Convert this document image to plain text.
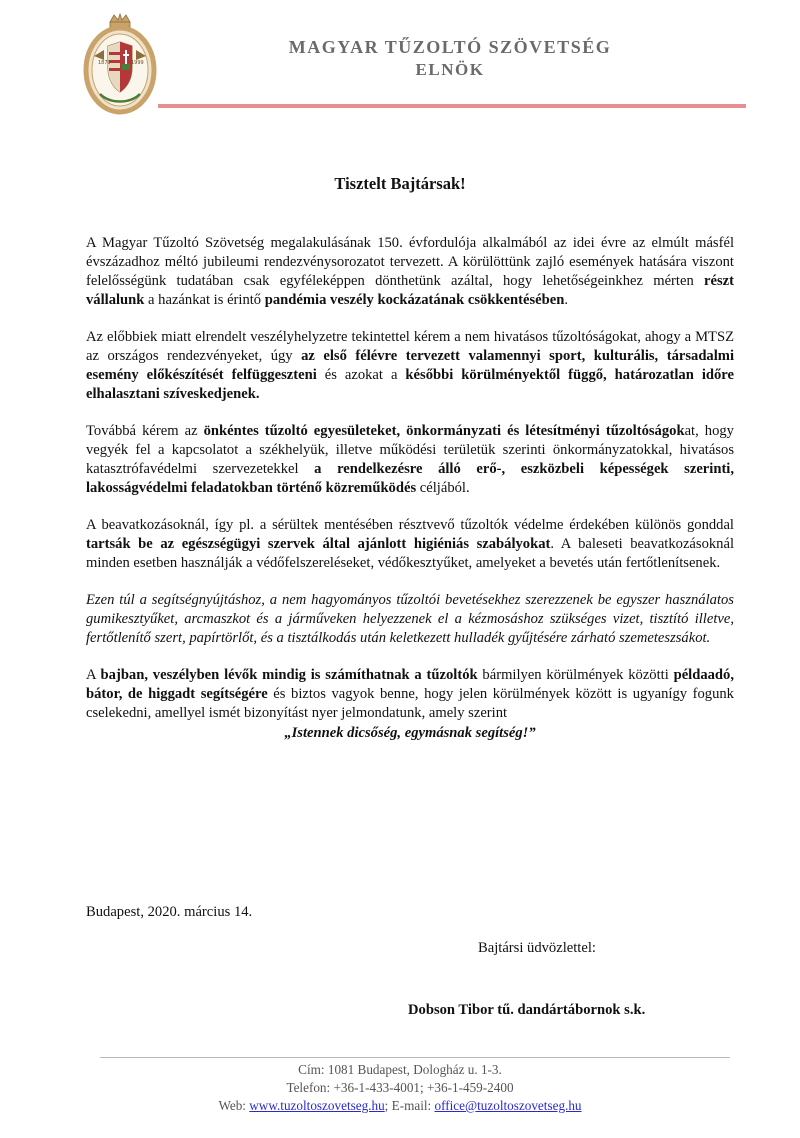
1870	1999
MAGYAR TŰZOLTÓ SZÖVETSÉG
ELNÖK
Tisztelt Bajtársak!

A Magyar Tűzoltó Szövetség megalakulásának 150. évfordulója alkalmából az idei évre az elmúlt másfél évszázadhoz méltó jubileumi rendezvénysorozatot tervezett. A körülöttünk zajló események hatására viszont felelősségünk tudatában csak egyféleképpen dönthetünk azáltal, hogy lehetőségeinkhez mérten részt vállalunk a hazánkat is érintő pandémia veszély kockázatának csökkentésében.

Az előbbiek miatt elrendelt veszélyhelyzetre tekintettel kérem a nem hivatásos tűzoltóságokat, ahogy a MTSZ az országos rendezvényeket, úgy az első félévre tervezett valamennyi sport, kulturális, társadalmi esemény előkészítését felfüggeszteni és azokat a későbbi körülményektől függő, határozatlan időre elhalasztani szíveskedjenek.

Továbbá kérem az önkéntes tűzoltó egyesületeket, önkormányzati és létesítményi tűzoltóságokat, hogy vegyék fel a kapcsolatot a székhelyük, illetve működési területük szerinti önkormányzatokkal, hivatásos katasztrófavédelmi szervezetekkel a rendelkezésre álló erő-, eszközbeli képességek szerinti, lakosságvédelmi feladatokban történő közreműködés céljából.

A beavatkozásoknál, így pl. a sérültek mentésében résztvevő tűzoltók védelme érdekében különös gonddal tartsák be az egészségügyi szervek által ajánlott higiéniás szabályokat. A baleseti beavatkozásoknál minden esetben használják a védőfelszereléseket, védőkesztyűket, amelyeket a bevetés után fertőtlenítsenek.

Ezen túl a segítségnyújtáshoz, a nem hagyományos tűzoltói bevetésekhez szerezzenek be egyszer használatos gumikesztyűket, arcmaszkot és a járműveken helyezzenek el a kézmosáshoz szükséges vizet, tisztító illetve, fertőtlenítő szert, papírtörlőt, és a tisztálkodás után keletkezett hulladék gyűjtésére zárható szemeteszsákot.

A bajban, veszélyben lévők mindig is számíthatnak a tűzoltók bármilyen körülmények közötti példaadó, bátor, de higgadt segítségére és biztos vagyok benne, hogy jelen körülmények között is ugyanígy fogunk cselekedni, amellyel ismét bizonyítást nyer jelmondatunk, amely szerint

„Istennek dicsőség, egymásnak segítség!”

Budapest, 2020. március 14.
Bajtársi üdvözlettel:
Dobson Tibor tű. dandártábornok s.k.
Cím: 1081 Budapest, Dologház u. 1-3.
Telefon: +36-1-433-4001; +36-1-459-2400
Web: www.tuzoltoszovetseg.hu; E-mail: office@tuzoltoszovetseg.hu
